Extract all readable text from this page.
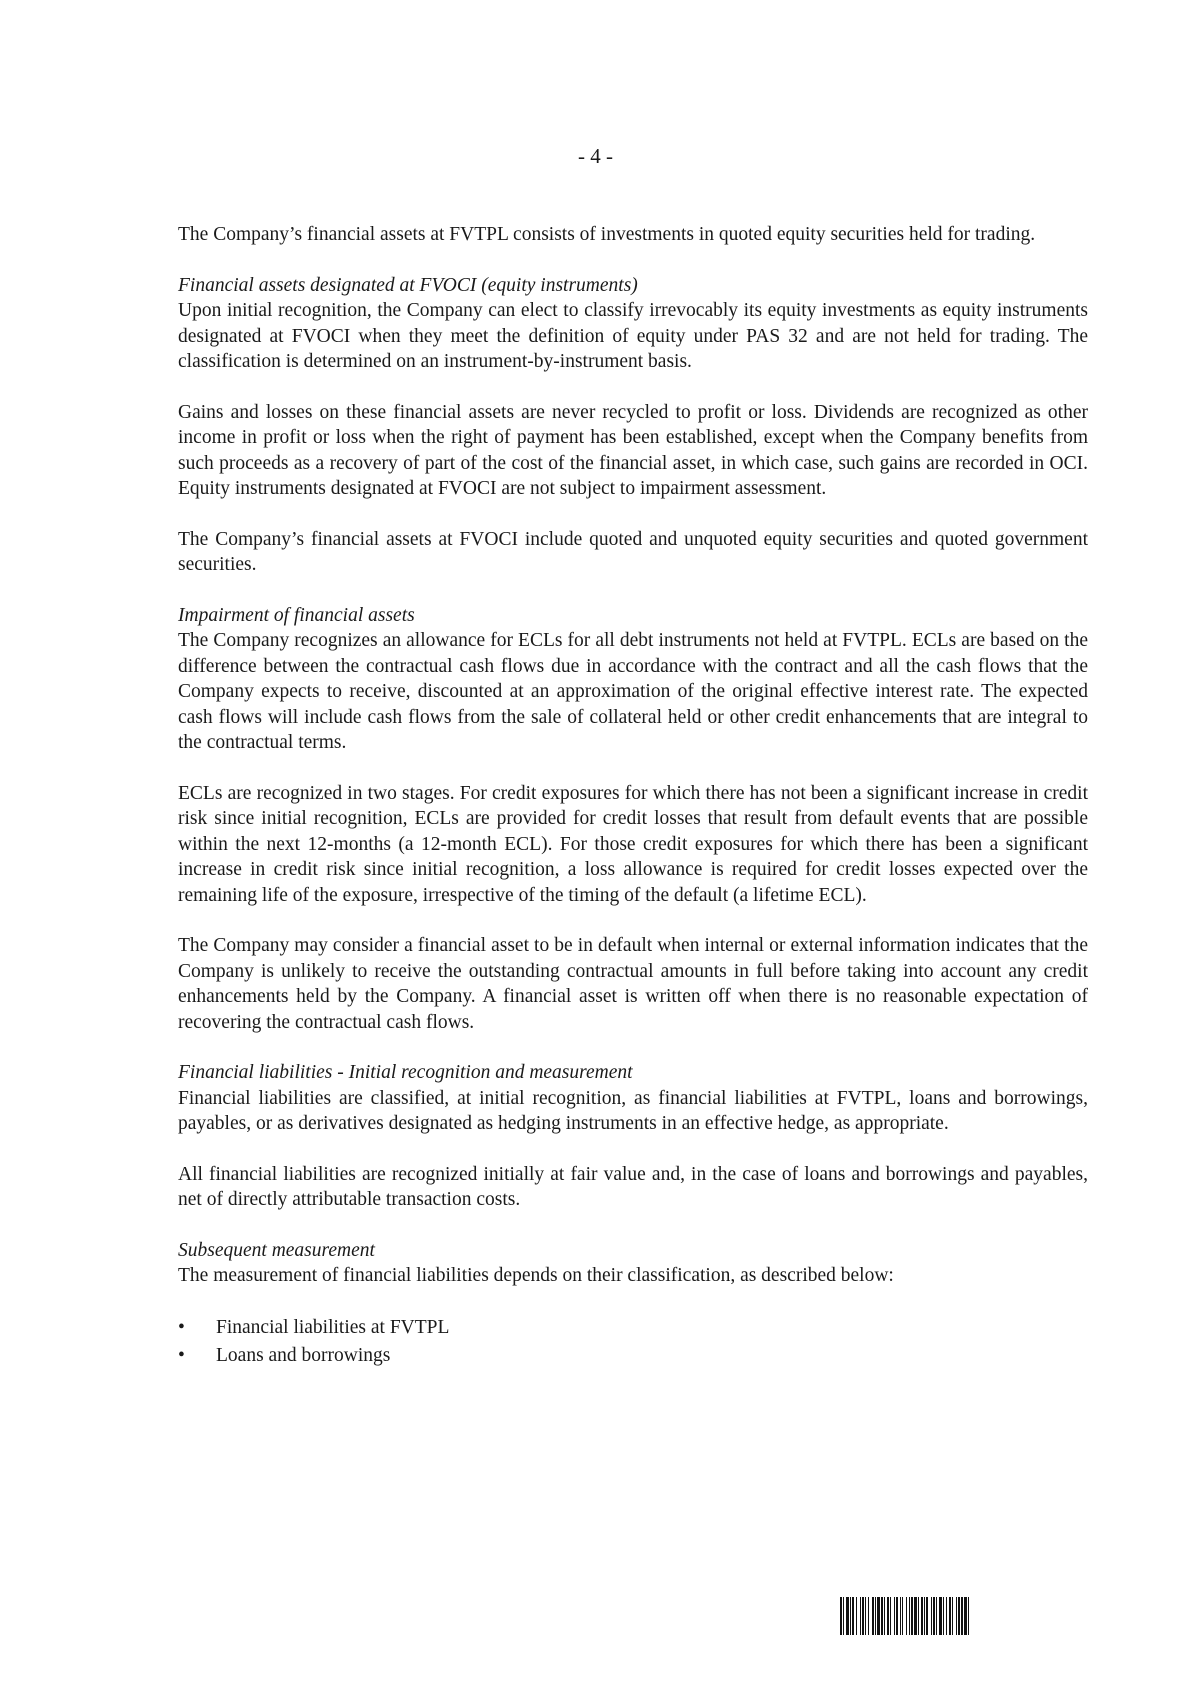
- 4 -

The Company’s financial assets at FVTPL consists of investments in quoted equity securities held for trading.

Financial assets designated at FVOCI (equity instruments)

Upon initial recognition, the Company can elect to classify irrevocably its equity investments as equity instruments designated at FVOCI when they meet the definition of equity under PAS 32 and are not held for trading. The classification is determined on an instrument-by-instrument basis.

Gains and losses on these financial assets are never recycled to profit or loss. Dividends are recognized as other income in profit or loss when the right of payment has been established, except when the Company benefits from such proceeds as a recovery of part of the cost of the financial asset, in which case, such gains are recorded in OCI. Equity instruments designated at FVOCI are not subject to impairment assessment.

The Company’s financial assets at FVOCI include quoted and unquoted equity securities and quoted government securities.

Impairment of financial assets

The Company recognizes an allowance for ECLs for all debt instruments not held at FVTPL. ECLs are based on the difference between the contractual cash flows due in accordance with the contract and all the cash flows that the Company expects to receive, discounted at an approximation of the original effective interest rate. The expected cash flows will include cash flows from the sale of collateral held or other credit enhancements that are integral to the contractual terms.

ECLs are recognized in two stages. For credit exposures for which there has not been a significant increase in credit risk since initial recognition, ECLs are provided for credit losses that result from default events that are possible within the next 12-months (a 12-month ECL). For those credit exposures for which there has been a significant increase in credit risk since initial recognition, a loss allowance is required for credit losses expected over the remaining life of the exposure, irrespective of the timing of the default (a lifetime ECL).

The Company may consider a financial asset to be in default when internal or external information indicates that the Company is unlikely to receive the outstanding contractual amounts in full before taking into account any credit enhancements held by the Company. A financial asset is written off when there is no reasonable expectation of recovering the contractual cash flows.

Financial liabilities - Initial recognition and measurement

Financial liabilities are classified, at initial recognition, as financial liabilities at FVTPL, loans and borrowings, payables, or as derivatives designated as hedging instruments in an effective hedge, as appropriate.

All financial liabilities are recognized initially at fair value and, in the case of loans and borrowings and payables, net of directly attributable transaction costs.

Subsequent measurement

The measurement of financial liabilities depends on their classification, as described below:

• Financial liabilities at FVTPL
• Loans and borrowings
